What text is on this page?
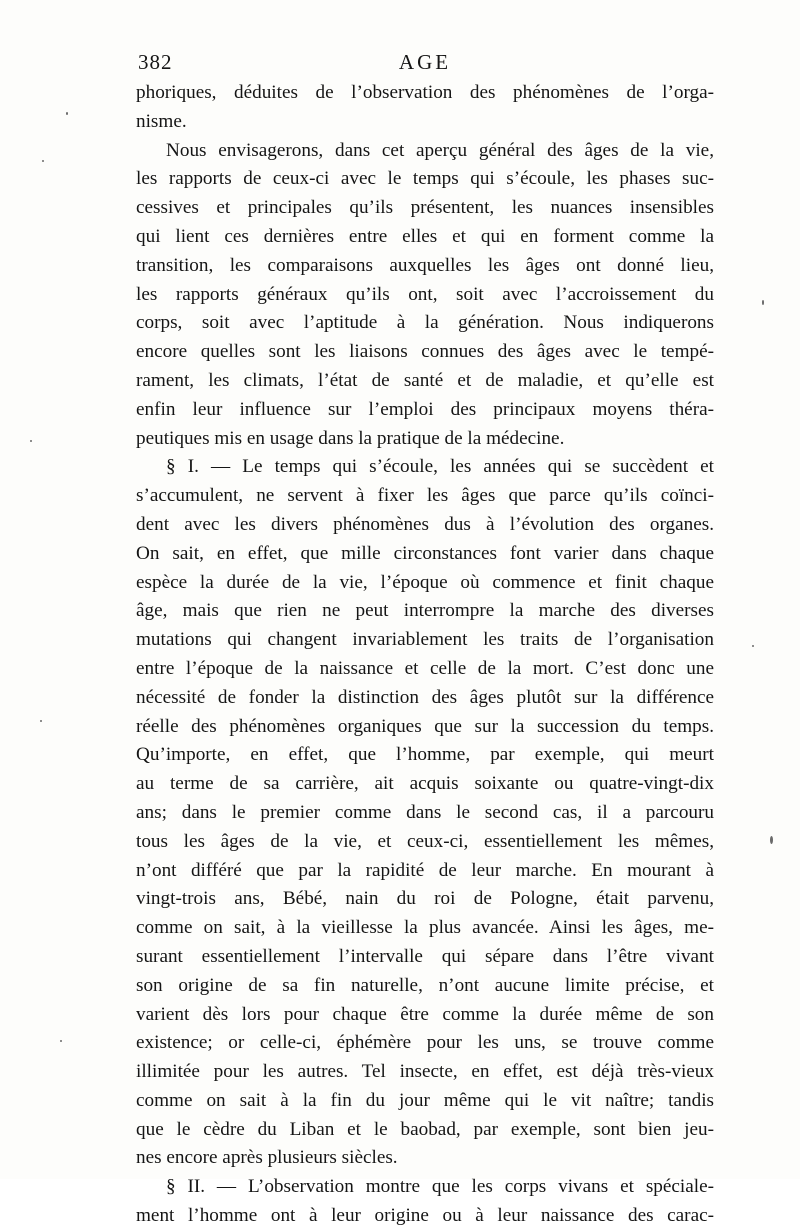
382	AGE
phoriques, déduites de l’observation des phénomènes de l’orga-
nisme.
Nous envisagerons, dans cet aperçu général des âges de la vie,
les rapports de ceux-ci avec le temps qui s’écoule, les phases suc-
cessives et principales qu’ils présentent, les nuances insensibles
qui lient ces dernières entre elles et qui en forment comme la
transition, les comparaisons auxquelles les âges ont donné lieu,
les rapports généraux qu’ils ont, soit avec l’accroissement du
corps, soit avec l’aptitude à la génération. Nous indiquerons
encore quelles sont les liaisons connues des âges avec le tempé-
rament, les climats, l’état de santé et de maladie, et qu’elle est
enfin leur influence sur l’emploi des principaux moyens théra-
peutiques mis en usage dans la pratique de la médecine.
§ I. — Le temps qui s’écoule, les années qui se succèdent et
s’accumulent, ne servent à fixer les âges que parce qu’ils coïnci-
dent avec les divers phénomènes dus à l’évolution des organes.
On sait, en effet, que mille circonstances font varier dans chaque
espèce la durée de la vie, l’époque où commence et finit chaque
âge, mais que rien ne peut interrompre la marche des diverses
mutations qui changent invariablement les traits de l’organisation
entre l’époque de la naissance et celle de la mort. C’est donc une
nécessité de fonder la distinction des âges plutôt sur la différence
réelle des phénomènes organiques que sur la succession du temps.
Qu’importe, en effet, que l’homme, par exemple, qui meurt
au terme de sa carrière, ait acquis soixante ou quatre-vingt-dix
ans; dans le premier comme dans le second cas, il a parcouru
tous les âges de la vie, et ceux-ci, essentiellement les mêmes,
n’ont différé que par la rapidité de leur marche. En mourant à
vingt-trois ans, Bébé, nain du roi de Pologne, était parvenu,
comme on sait, à la vieillesse la plus avancée. Ainsi les âges, me-
surant essentiellement l’intervalle qui sépare dans l’être vivant
son origine de sa fin naturelle, n’ont aucune limite précise, et
varient dès lors pour chaque être comme la durée même de son
existence; or celle-ci, éphémère pour les uns, se trouve comme
illimitée pour les autres. Tel insecte, en effet, est déjà très-vieux
comme on sait à la fin du jour même qui le vit naître; tandis
que le cèdre du Liban et le baobad, par exemple, sont bien jeu-
nes encore après plusieurs siècles.
§ II. — L’observation montre que les corps vivans et spéciale-
ment l’homme ont à leur origine ou à leur naissance des carac-
